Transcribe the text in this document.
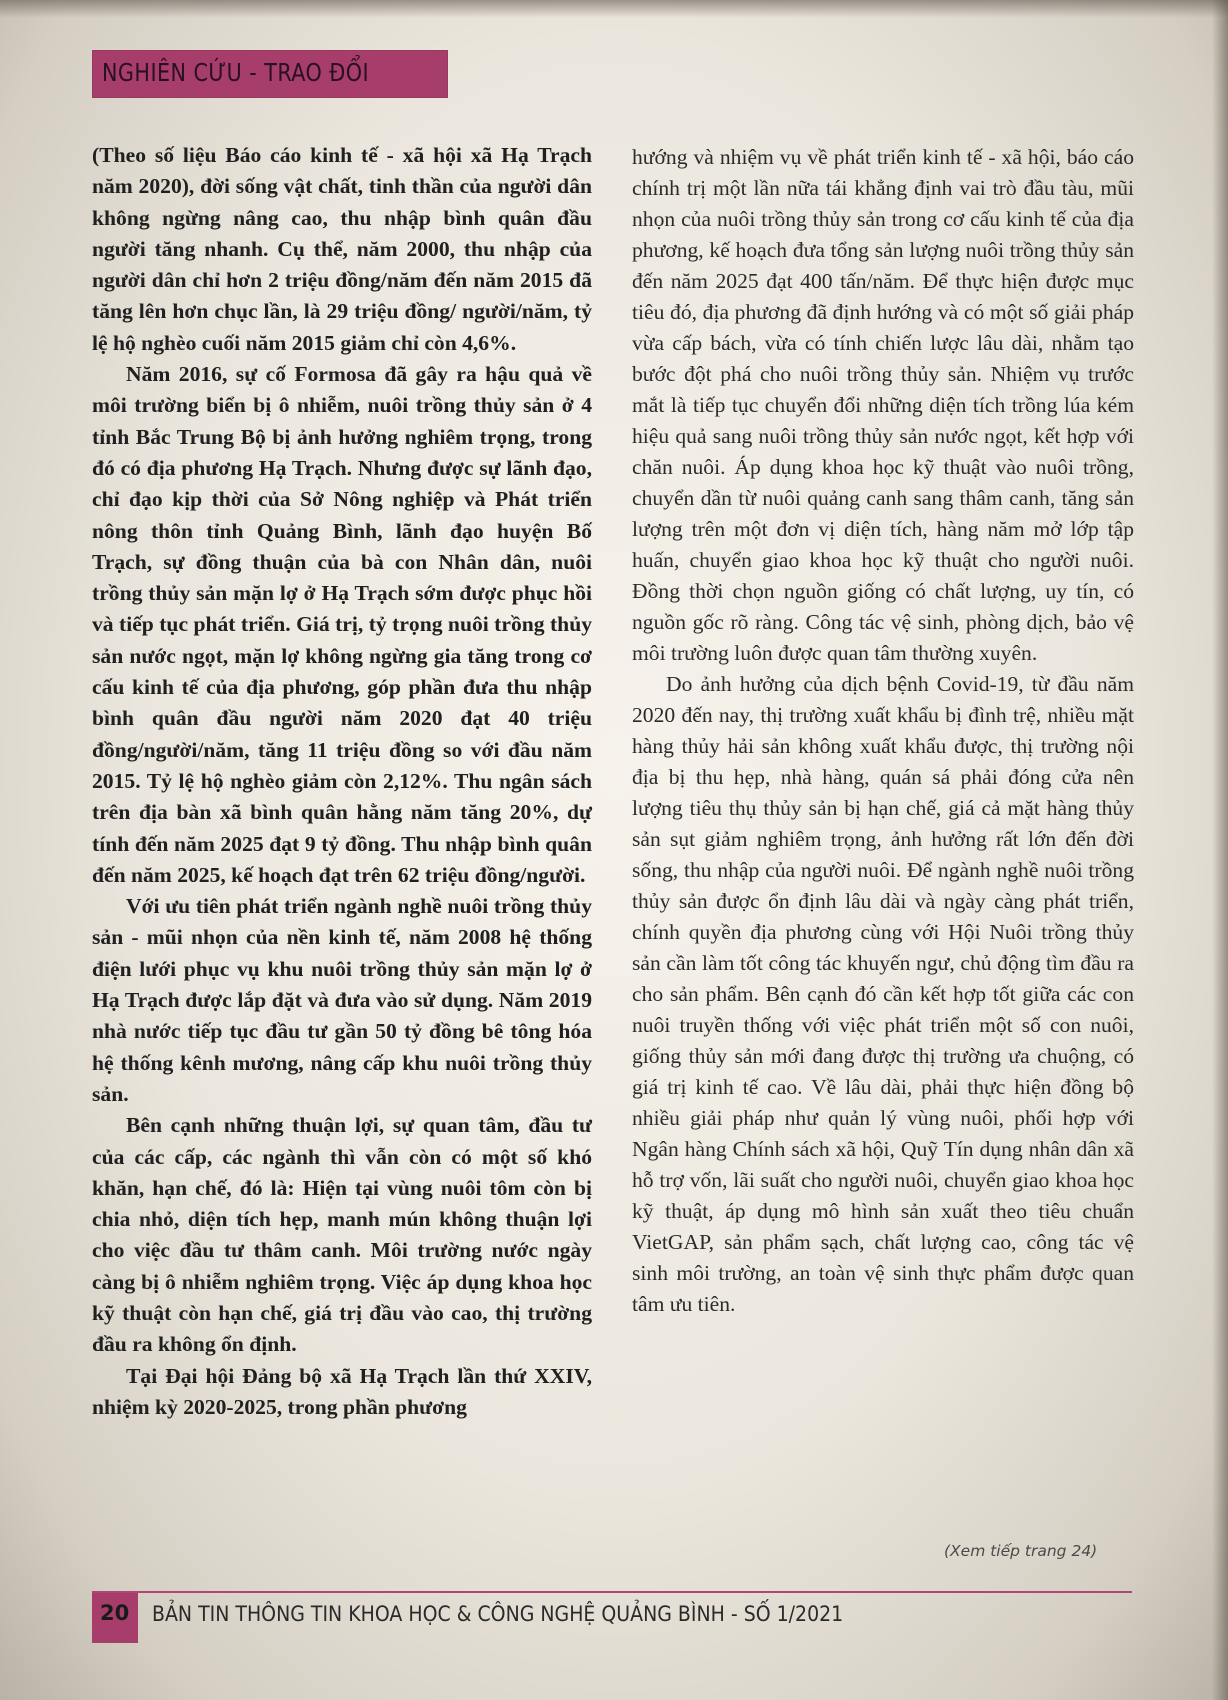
NGHIÊN CỨU - TRAO ĐỔI

(Theo số liệu Báo cáo kinh tế - xã hội xã Hạ Trạch năm 2020), đời sống vật chất, tinh thần của người dân không ngừng nâng cao, thu nhập bình quân đầu người tăng nhanh. Cụ thể, năm 2000, thu nhập của người dân chỉ hơn 2 triệu đồng/năm đến năm 2015 đã tăng lên hơn chục lần, là 29 triệu đồng/ người/năm, tỷ lệ hộ nghèo cuối năm 2015 giảm chỉ còn 4,6%.

Năm 2016, sự cố Formosa đã gây ra hậu quả về môi trường biển bị ô nhiễm, nuôi trồng thủy sản ở 4 tỉnh Bắc Trung Bộ bị ảnh hưởng nghiêm trọng, trong đó có địa phương Hạ Trạch. Nhưng được sự lãnh đạo, chỉ đạo kịp thời của Sở Nông nghiệp và Phát triển nông thôn tỉnh Quảng Bình, lãnh đạo huyện Bố Trạch, sự đồng thuận của bà con Nhân dân, nuôi trồng thủy sản mặn lợ ở Hạ Trạch sớm được phục hồi và tiếp tục phát triển. Giá trị, tỷ trọng nuôi trồng thủy sản nước ngọt, mặn lợ không ngừng gia tăng trong cơ cấu kinh tế của địa phương, góp phần đưa thu nhập bình quân đầu người năm 2020 đạt 40 triệu đồng/người/năm, tăng 11 triệu đồng so với đầu năm 2015. Tỷ lệ hộ nghèo giảm còn 2,12%. Thu ngân sách trên địa bàn xã bình quân hằng năm tăng 20%, dự tính đến năm 2025 đạt 9 tỷ đồng. Thu nhập bình quân đến năm 2025, kế hoạch đạt trên 62 triệu đồng/người.

Với ưu tiên phát triển ngành nghề nuôi trồng thủy sản - mũi nhọn của nền kinh tế, năm 2008 hệ thống điện lưới phục vụ khu nuôi trồng thủy sản mặn lợ ở Hạ Trạch được lắp đặt và đưa vào sử dụng. Năm 2019 nhà nước tiếp tục đầu tư gần 50 tỷ đồng bê tông hóa hệ thống kênh mương, nâng cấp khu nuôi trồng thủy sản.

Bên cạnh những thuận lợi, sự quan tâm, đầu tư của các cấp, các ngành thì vẫn còn có một số khó khăn, hạn chế, đó là: Hiện tại vùng nuôi tôm còn bị chia nhỏ, diện tích hẹp, manh mún không thuận lợi cho việc đầu tư thâm canh. Môi trường nước ngày càng bị ô nhiễm nghiêm trọng. Việc áp dụng khoa học kỹ thuật còn hạn chế, giá trị đầu vào cao, thị trường đầu ra không ổn định.

Tại Đại hội Đảng bộ xã Hạ Trạch lần thứ XXIV, nhiệm kỳ 2020-2025, trong phần phương

hướng và nhiệm vụ về phát triển kinh tế - xã hội, báo cáo chính trị một lần nữa tái khẳng định vai trò đầu tàu, mũi nhọn của nuôi trồng thủy sản trong cơ cấu kinh tế của địa phương, kế hoạch đưa tổng sản lượng nuôi trồng thủy sản đến năm 2025 đạt 400 tấn/năm. Để thực hiện được mục tiêu đó, địa phương đã định hướng và có một số giải pháp vừa cấp bách, vừa có tính chiến lược lâu dài, nhằm tạo bước đột phá cho nuôi trồng thủy sản. Nhiệm vụ trước mắt là tiếp tục chuyển đổi những diện tích trồng lúa kém hiệu quả sang nuôi trồng thủy sản nước ngọt, kết hợp với chăn nuôi. Áp dụng khoa học kỹ thuật vào nuôi trồng, chuyển dần từ nuôi quảng canh sang thâm canh, tăng sản lượng trên một đơn vị diện tích, hàng năm mở lớp tập huấn, chuyển giao khoa học kỹ thuật cho người nuôi. Đồng thời chọn nguồn giống có chất lượng, uy tín, có nguồn gốc rõ ràng. Công tác vệ sinh, phòng dịch, bảo vệ môi trường luôn được quan tâm thường xuyên.

Do ảnh hưởng của dịch bệnh Covid-19, từ đầu năm 2020 đến nay, thị trường xuất khẩu bị đình trệ, nhiều mặt hàng thủy hải sản không xuất khẩu được, thị trường nội địa bị thu hẹp, nhà hàng, quán sá phải đóng cửa nên lượng tiêu thụ thủy sản bị hạn chế, giá cả mặt hàng thủy sản sụt giảm nghiêm trọng, ảnh hưởng rất lớn đến đời sống, thu nhập của người nuôi. Để ngành nghề nuôi trồng thủy sản được ổn định lâu dài và ngày càng phát triển, chính quyền địa phương cùng với Hội Nuôi trồng thủy sản cần làm tốt công tác khuyến ngư, chủ động tìm đầu ra cho sản phẩm. Bên cạnh đó cần kết hợp tốt giữa các con nuôi truyền thống với việc phát triển một số con nuôi, giống thủy sản mới đang được thị trường ưa chuộng, có giá trị kinh tế cao. Về lâu dài, phải thực hiện đồng bộ nhiều giải pháp như quản lý vùng nuôi, phối hợp với Ngân hàng Chính sách xã hội, Quỹ Tín dụng nhân dân xã hỗ trợ vốn, lãi suất cho người nuôi, chuyển giao khoa học kỹ thuật, áp dụng mô hình sản xuất theo tiêu chuẩn VietGAP, sản phẩm sạch, chất lượng cao, công tác vệ sinh môi trường, an toàn vệ sinh thực phẩm được quan tâm ưu tiên.

(Xem tiếp trang 24)
20 BẢN TIN THÔNG TIN KHOA HỌC & CÔNG NGHỆ QUẢNG BÌNH - SỐ 1/2021
